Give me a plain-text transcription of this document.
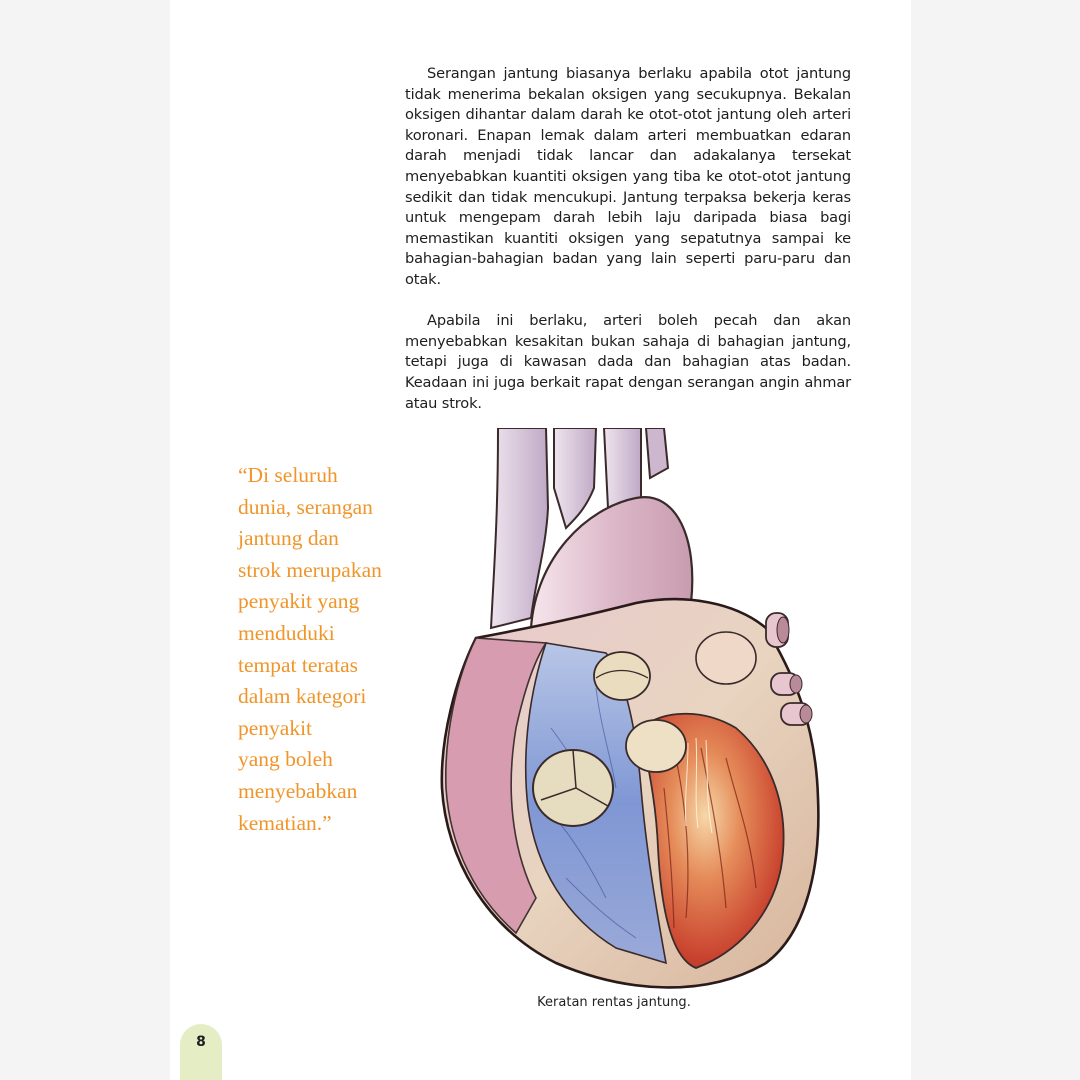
Serangan jantung biasanya berlaku apabila otot jantung tidak menerima bekalan oksigen yang secukupnya. Bekalan oksigen dihantar dalam darah ke otot-otot jantung oleh arteri koronari. Enapan lemak dalam arteri membuatkan edaran darah menjadi tidak lancar dan adakalanya tersekat menyebabkan kuantiti oksigen yang tiba ke otot-otot jantung sedikit dan tidak mencukupi. Jantung terpaksa bekerja keras untuk mengepam darah lebih laju daripada biasa bagi memastikan kuantiti oksigen yang sepatutnya sampai ke bahagian-bahagian badan yang lain seperti paru-paru dan otak.

Apabila ini berlaku, arteri boleh pecah dan akan menyebabkan kesakitan bukan sahaja di bahagian jantung, tetapi juga di kawasan dada dan bahagian atas badan. Keadaan ini juga berkait rapat dengan serangan angin ahmar atau strok.

“Di seluruh
dunia, serangan
jantung dan
strok merupakan
penyakit yang
menduduki
tempat teratas
dalam kategori
penyakit
yang boleh
menyebabkan
kematian.”
Keratan rentas jantung.
8
